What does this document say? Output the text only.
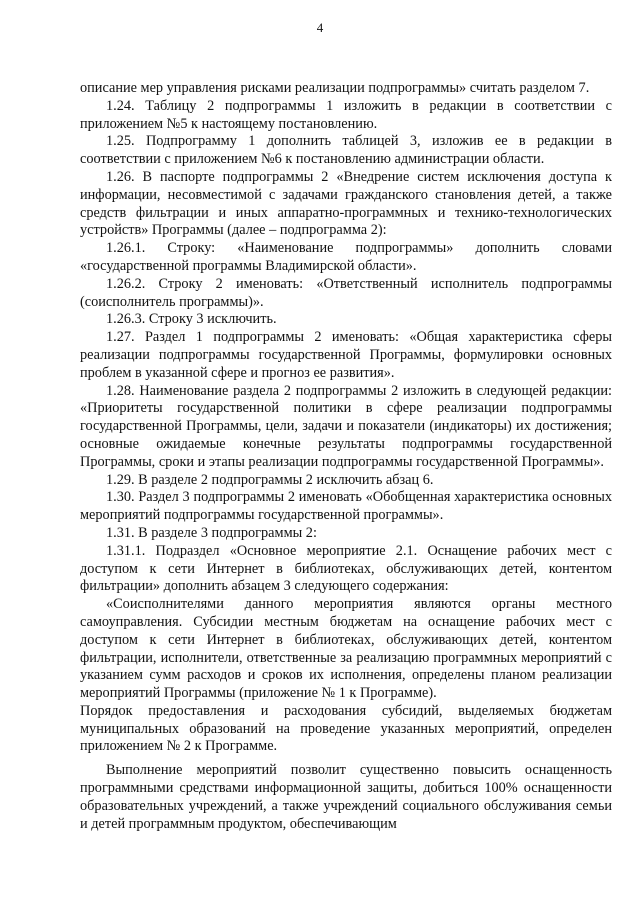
4

описание мер управления рисками реализации подпрограммы» считать разделом 7.

1.24. Таблицу 2 подпрограммы 1 изложить в редакции в соответствии с приложением №5 к настоящему постановлению.

1.25. Подпрограмму 1 дополнить таблицей 3, изложив ее в редакции в соответствии с приложением №6 к постановлению администрации области.

1.26. В паспорте подпрограммы 2 «Внедрение систем исключения доступа к информации, несовместимой с задачами гражданского становления детей, а также средств фильтрации и иных аппаратно-программных и технико-технологических устройств» Программы (далее – подпрограмма 2):

1.26.1. Строку: «Наименование подпрограммы» дополнить словами «государственной программы Владимирской области».

1.26.2. Строку 2 именовать: «Ответственный исполнитель подпрограммы (соисполнитель программы)».

1.26.3. Строку 3 исключить.

1.27. Раздел 1 подпрограммы 2 именовать: «Общая характеристика сферы реализации подпрограммы государственной Программы, формулировки основных проблем в указанной сфере и прогноз ее развития».

1.28. Наименование раздела 2 подпрограммы 2 изложить в следующей редакции: «Приоритеты государственной политики в сфере реализации подпрограммы государственной Программы, цели, задачи и показатели (индикаторы) их достижения; основные ожидаемые конечные результаты подпрограммы государственной Программы, сроки и этапы реализации подпрограммы государственной Программы».

1.29. В разделе 2 подпрограммы 2 исключить абзац 6.

1.30. Раздел 3 подпрограммы 2 именовать «Обобщенная характеристика основных мероприятий подпрограммы государственной программы».

1.31. В разделе 3 подпрограммы 2:

1.31.1. Подраздел «Основное мероприятие 2.1. Оснащение рабочих мест с доступом к сети Интернет в библиотеках, обслуживающих детей, контентом фильтрации» дополнить абзацем 3 следующего содержания:

«Соисполнителями данного мероприятия являются органы местного самоуправления. Субсидии местным бюджетам на оснащение рабочих мест с доступом к сети Интернет в библиотеках, обслуживающих детей, контентом фильтрации, исполнители, ответственные за реализацию программных мероприятий с указанием сумм расходов и сроков их исполнения, определены планом реализации мероприятий Программы (приложение № 1 к Программе).

Порядок предоставления и расходования субсидий, выделяемых бюджетам муниципальных образований на проведение указанных мероприятий, определен приложением № 2 к Программе.

Выполнение мероприятий позволит существенно повысить оснащенность программными средствами информационной защиты, добиться 100% оснащенности образовательных учреждений, а также учреждений социального обслуживания семьи и детей программным продуктом, обеспечивающим
